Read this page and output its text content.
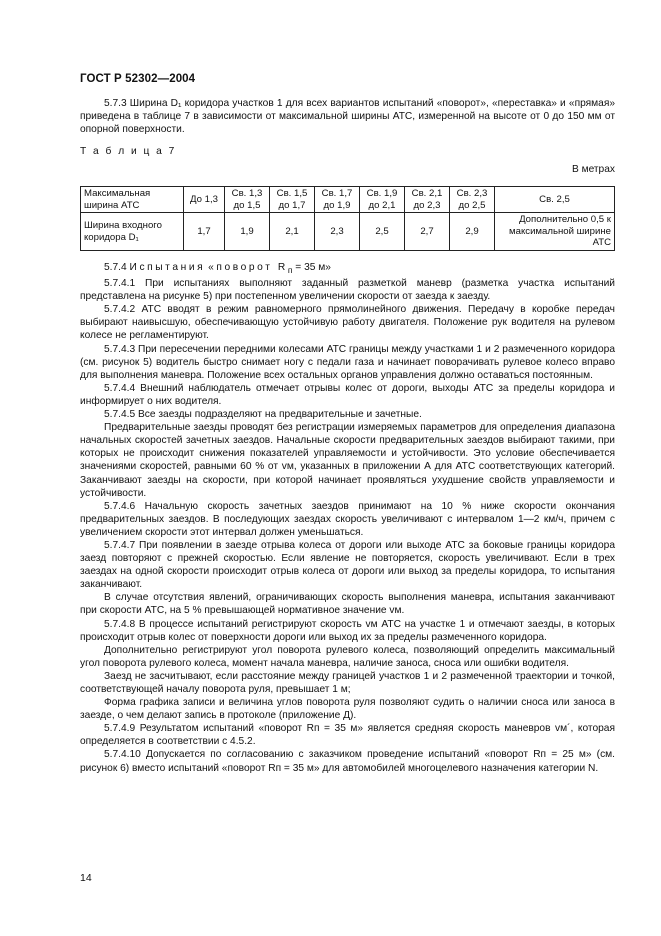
ГОСТ Р 52302—2004

5.7.3 Ширина D₁ коридора участков 1 для всех вариантов испытаний «поворот», «переставка» и «прямая» приведена в таблице 7 в зависимости от максимальной ширины АТС, измеренной на высоте от 0 до 150 мм от опорной поверхности.

Т а б л и ц а 7
В метрах
Максимальная ширина АТС	До 1,3	Св. 1,3 до 1,5	Св. 1,5 до 1,7	Св. 1,7 до 1,9	Св. 1,9 до 2,1	Св. 2,1 до 2,3	Св. 2,3 до 2,5	Св. 2,5
Ширина входного коридора D₁	1,7	1,9	2,1	2,3	2,5	2,7	2,9	Дополнительно 0,5 к максимальной ширине АТС

5.7.4 Испытания «поворот $R_п = 35$ м»

5.7.4.1 При испытаниях выполняют заданный разметкой маневр (разметка участка испытаний представлена на рисунке 5) при постепенном увеличении скорости от заезда к заезду.

5.7.4.2 АТС вводят в режим равномерного прямолинейного движения. Передачу в коробке передач выбирают наивысшую, обеспечивающую устойчивую работу двигателя. Положение рук водителя на рулевом колесе не регламентируют.

5.7.4.3 При пересечении передними колесами АТС границы между участками 1 и 2 размеченного коридора (см. рисунок 5) водитель быстро снимает ногу с педали газа и начинает поворачивать рулевое колесо вправо для выполнения маневра. Положение всех остальных органов управления должно оставаться постоянным.

5.7.4.4 Внешний наблюдатель отмечает отрывы колес от дороги, выходы АТС за пределы коридора и информирует о них водителя.

5.7.4.5 Все заезды подразделяют на предварительные и зачетные.

Предварительные заезды проводят без регистрации измеряемых параметров для определения диапазона начальных скоростей зачетных заездов. Начальные скорости предварительных заездов выбирают такими, при которых не происходит снижения показателей управляемости и устойчивости. Это условие обеспечивается значениями скоростей, равными 60 % от vм, указанных в приложении А для АТС соответствующих категорий. Заканчивают заезды на скорости, при которой начинает проявляться ухудшение свойств управляемости и устойчивости.

5.7.4.6 Начальную скорость зачетных заездов принимают на 10 % ниже скорости окончания предварительных заездов. В последующих заездах скорость увеличивают с интервалом 1—2 км/ч, причем с увеличением скорости этот интервал должен уменьшаться.

5.7.4.7 При появлении в заезде отрыва колеса от дороги или выходе АТС за боковые границы коридора заезд повторяют с прежней скоростью. Если явление не повторяется, скорость увеличивают. Если в трех заездах на одной скорости происходит отрыв колеса от дороги или выход за пределы коридора, то испытания заканчивают.

В случае отсутствия явлений, ограничивающих скорость выполнения маневра, испытания заканчивают при скорости АТС, на 5 % превышающей нормативное значение vм.

5.7.4.8 В процессе испытаний регистрируют скорость vм АТС на участке 1 и отмечают заезды, в которых происходит отрыв колес от поверхности дороги или выход их за пределы размеченного коридора.

Дополнительно регистрируют угол поворота рулевого колеса, позволяющий определить максимальный угол поворота рулевого колеса, момент начала маневра, наличие заноса, сноса или ошибки водителя.

Заезд не засчитывают, если расстояние между границей участков 1 и 2 размеченной траектории и точкой, соответствующей началу поворота руля, превышает 1 м;

Форма графика записи и величина углов поворота руля позволяют судить о наличии сноса или заноса в заезде, о чем делают запись в протоколе (приложение Д).

5.7.4.9 Результатом испытаний «поворот Rп = 35 м» является средняя скорость маневров vм´, которая определяется в соответствии с 4.5.2.

5.7.4.10 Допускается по согласованию с заказчиком проведение испытаний «поворот Rп = 25 м» (см. рисунок 6) вместо испытаний «поворот Rп = 35 м» для автомобилей многоцелевого назначения категории N.

14
